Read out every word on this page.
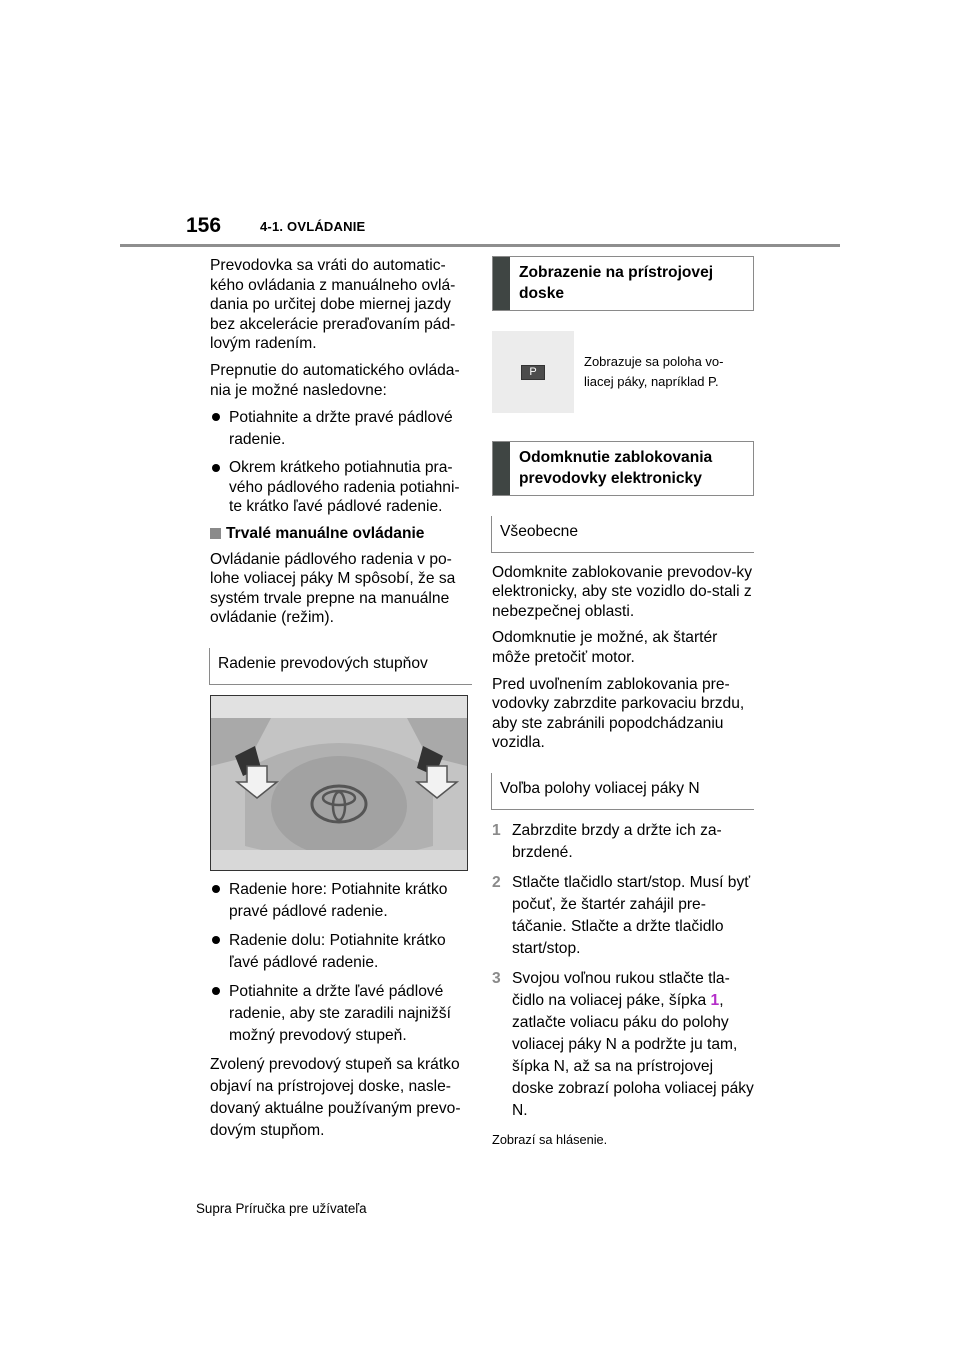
156	4-1. OVLÁDANIE

Prevodovka sa vráti do automatic-kého ovládania z manuálneho ovlá-dania po určitej dobe miernej jazdy bez akcelerácie preraďovaním pád-lovým radením.

Prepnutie do automatického ovláda-nia je možné nasledovne:

Potiahnite a držte pravé pádlové radenie.
Okrem krátkeho potiahnutia pra-vého pádlového radenia potiahni-te krátko ľavé pádlové radenie.
Trvalé manuálne ovládanie

Ovládanie pádlového radenia v po-lohe voliacej páky M spôsobí, že sa systém trvale prepne na manuálne ovládanie (režim).

Radenie prevodových stupňov
Radenie hore: Potiahnite krátko pravé pádlové radenie.
Radenie dolu: Potiahnite krátko ľavé pádlové radenie.
Potiahnite a držte ľavé pádlové radenie, aby ste zaradili najnižší možný prevodový stupeň.

Zvolený prevodový stupeň sa krátko objaví na prístrojovej doske, nasle-dovaný aktuálne používaným prevo-dovým stupňom.

Zobrazenie na prístrojovej doske
P
Zobrazuje sa poloha vo-liacej páky, napríklad P.
Odomknutie zablokovania prevodovky elektronicky
Všeobecne

Odomknite zablokovanie prevodov-ky elektronicky, aby ste vozidlo do-stali z nebezpečnej oblasti.

Odomknutie je možné, ak štartér môže pretočiť motor.

Pred uvoľnením zablokovania pre-vodovky zabrzdite parkovaciu brzdu, aby ste zabránili popodchádzaniu vozidla.

Voľba polohy voliacej páky N
1 Zabrzdite brzdy a držte ich za-brzdené.
2 Stlačte tlačidlo start/stop. Musí byť počuť, že štartér zahájil pre-táčanie. Stlačte a držte tlačidlo start/stop.
3 Svojou voľnou rukou stlačte tla-čidlo na voliacej páke, šípka 1, zatlačte voliacu páku do polohy voliacej páky N a podržte ju tam, šípka N, až sa na prístrojovej doske zobrazí poloha voliacej páky N.
Zobrazí sa hlásenie.
Supra Príručka pre užívateľa
